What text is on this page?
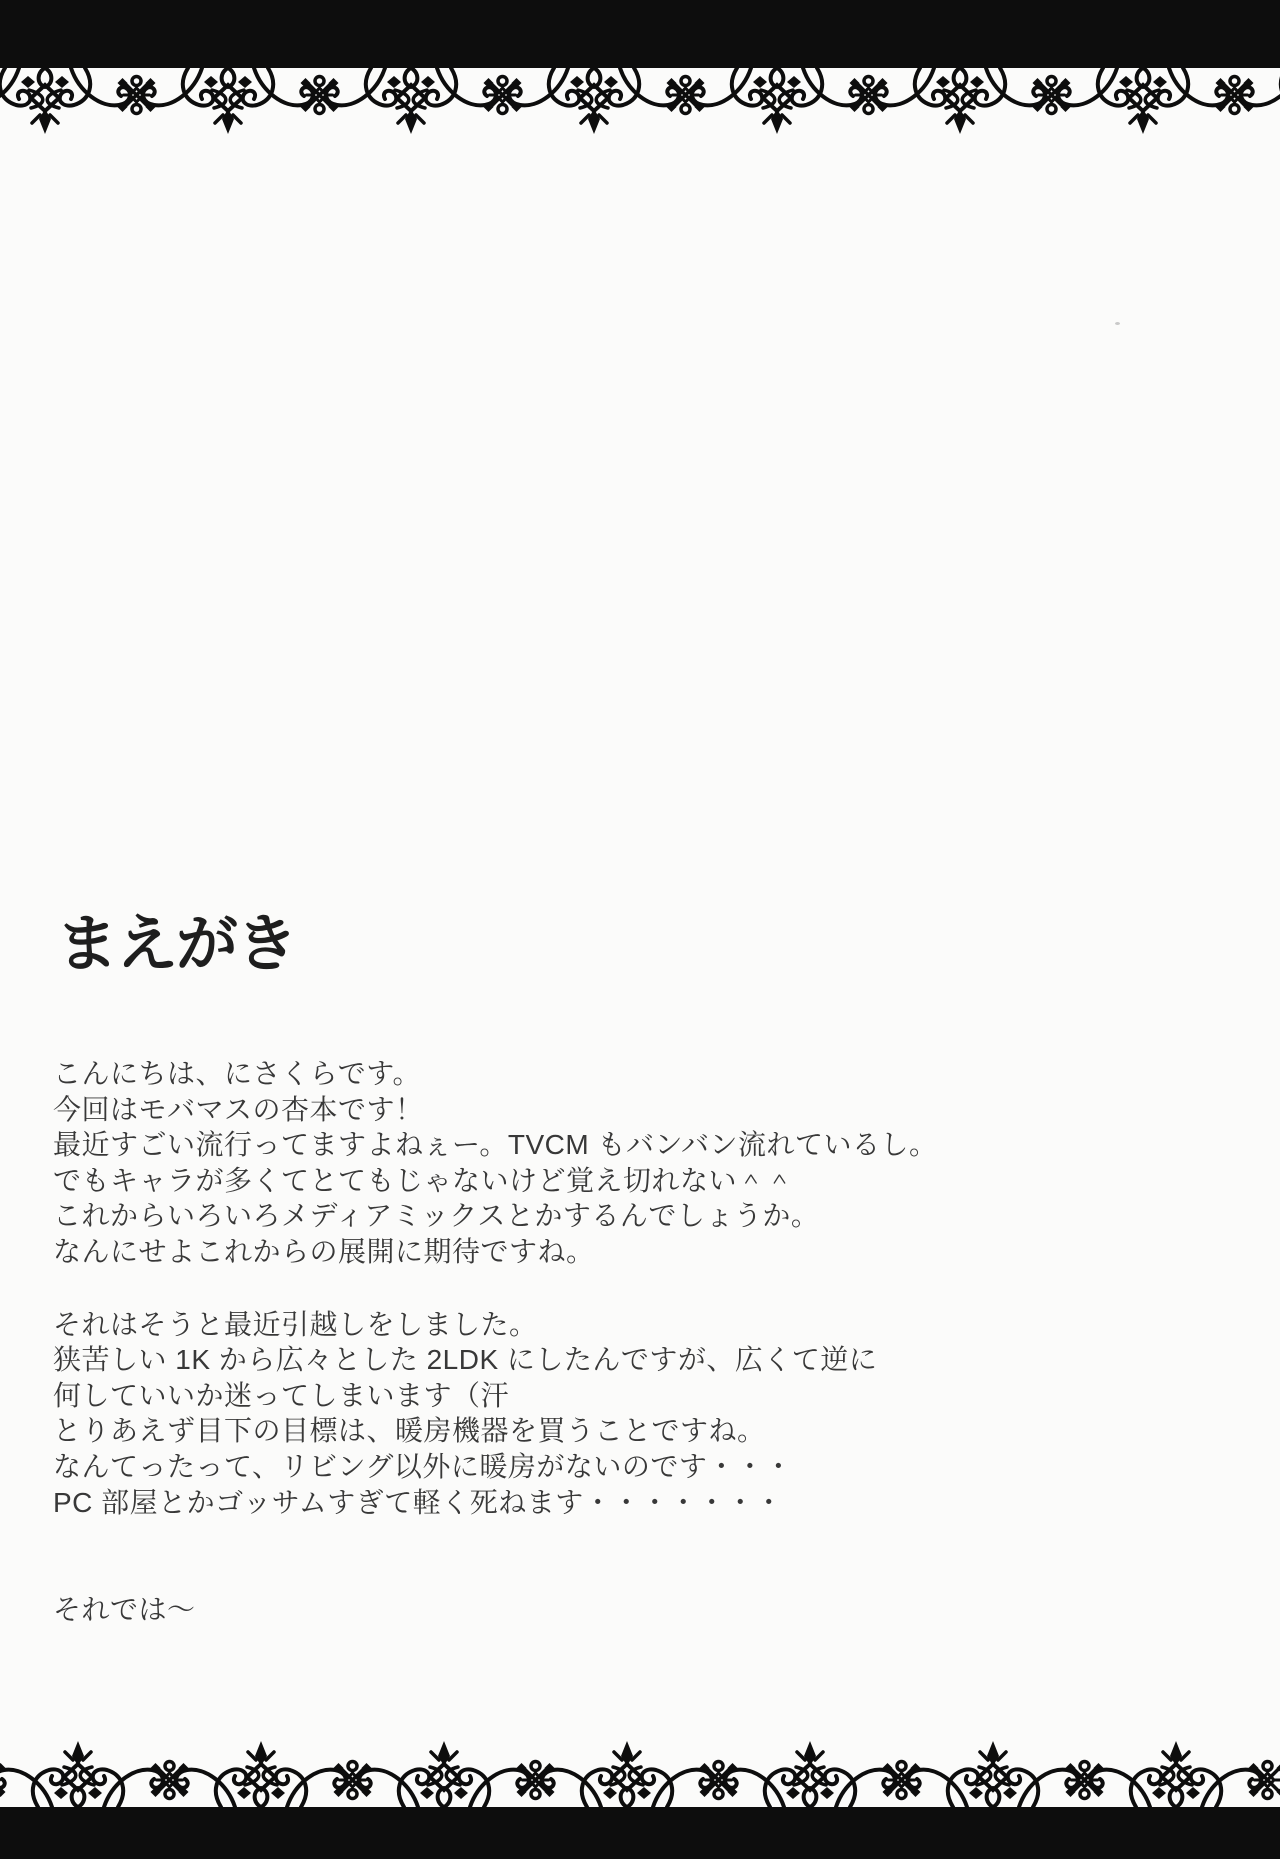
まえがき

こんにちは、にさくらです。
今回はモバマスの杏本です！
最近すごい流行ってますよねぇー。TVCM もバンバン流れているし。
でもキャラが多くてとてもじゃないけど覚え切れない＾＾
これからいろいろメディアミックスとかするんでしょうか。
なんにせよこれからの展開に期待ですね。

それはそうと最近引越しをしました。
狭苦しい 1K から広々とした 2LDK にしたんですが、広くて逆に
何していいか迷ってしまいます（汗
とりあえず目下の目標は、暖房機器を買うことですね。
なんてったって、リビング以外に暖房がないのです・・・
PC 部屋とかゴッサムすぎて軽く死ねます・・・・・・・

それでは～
